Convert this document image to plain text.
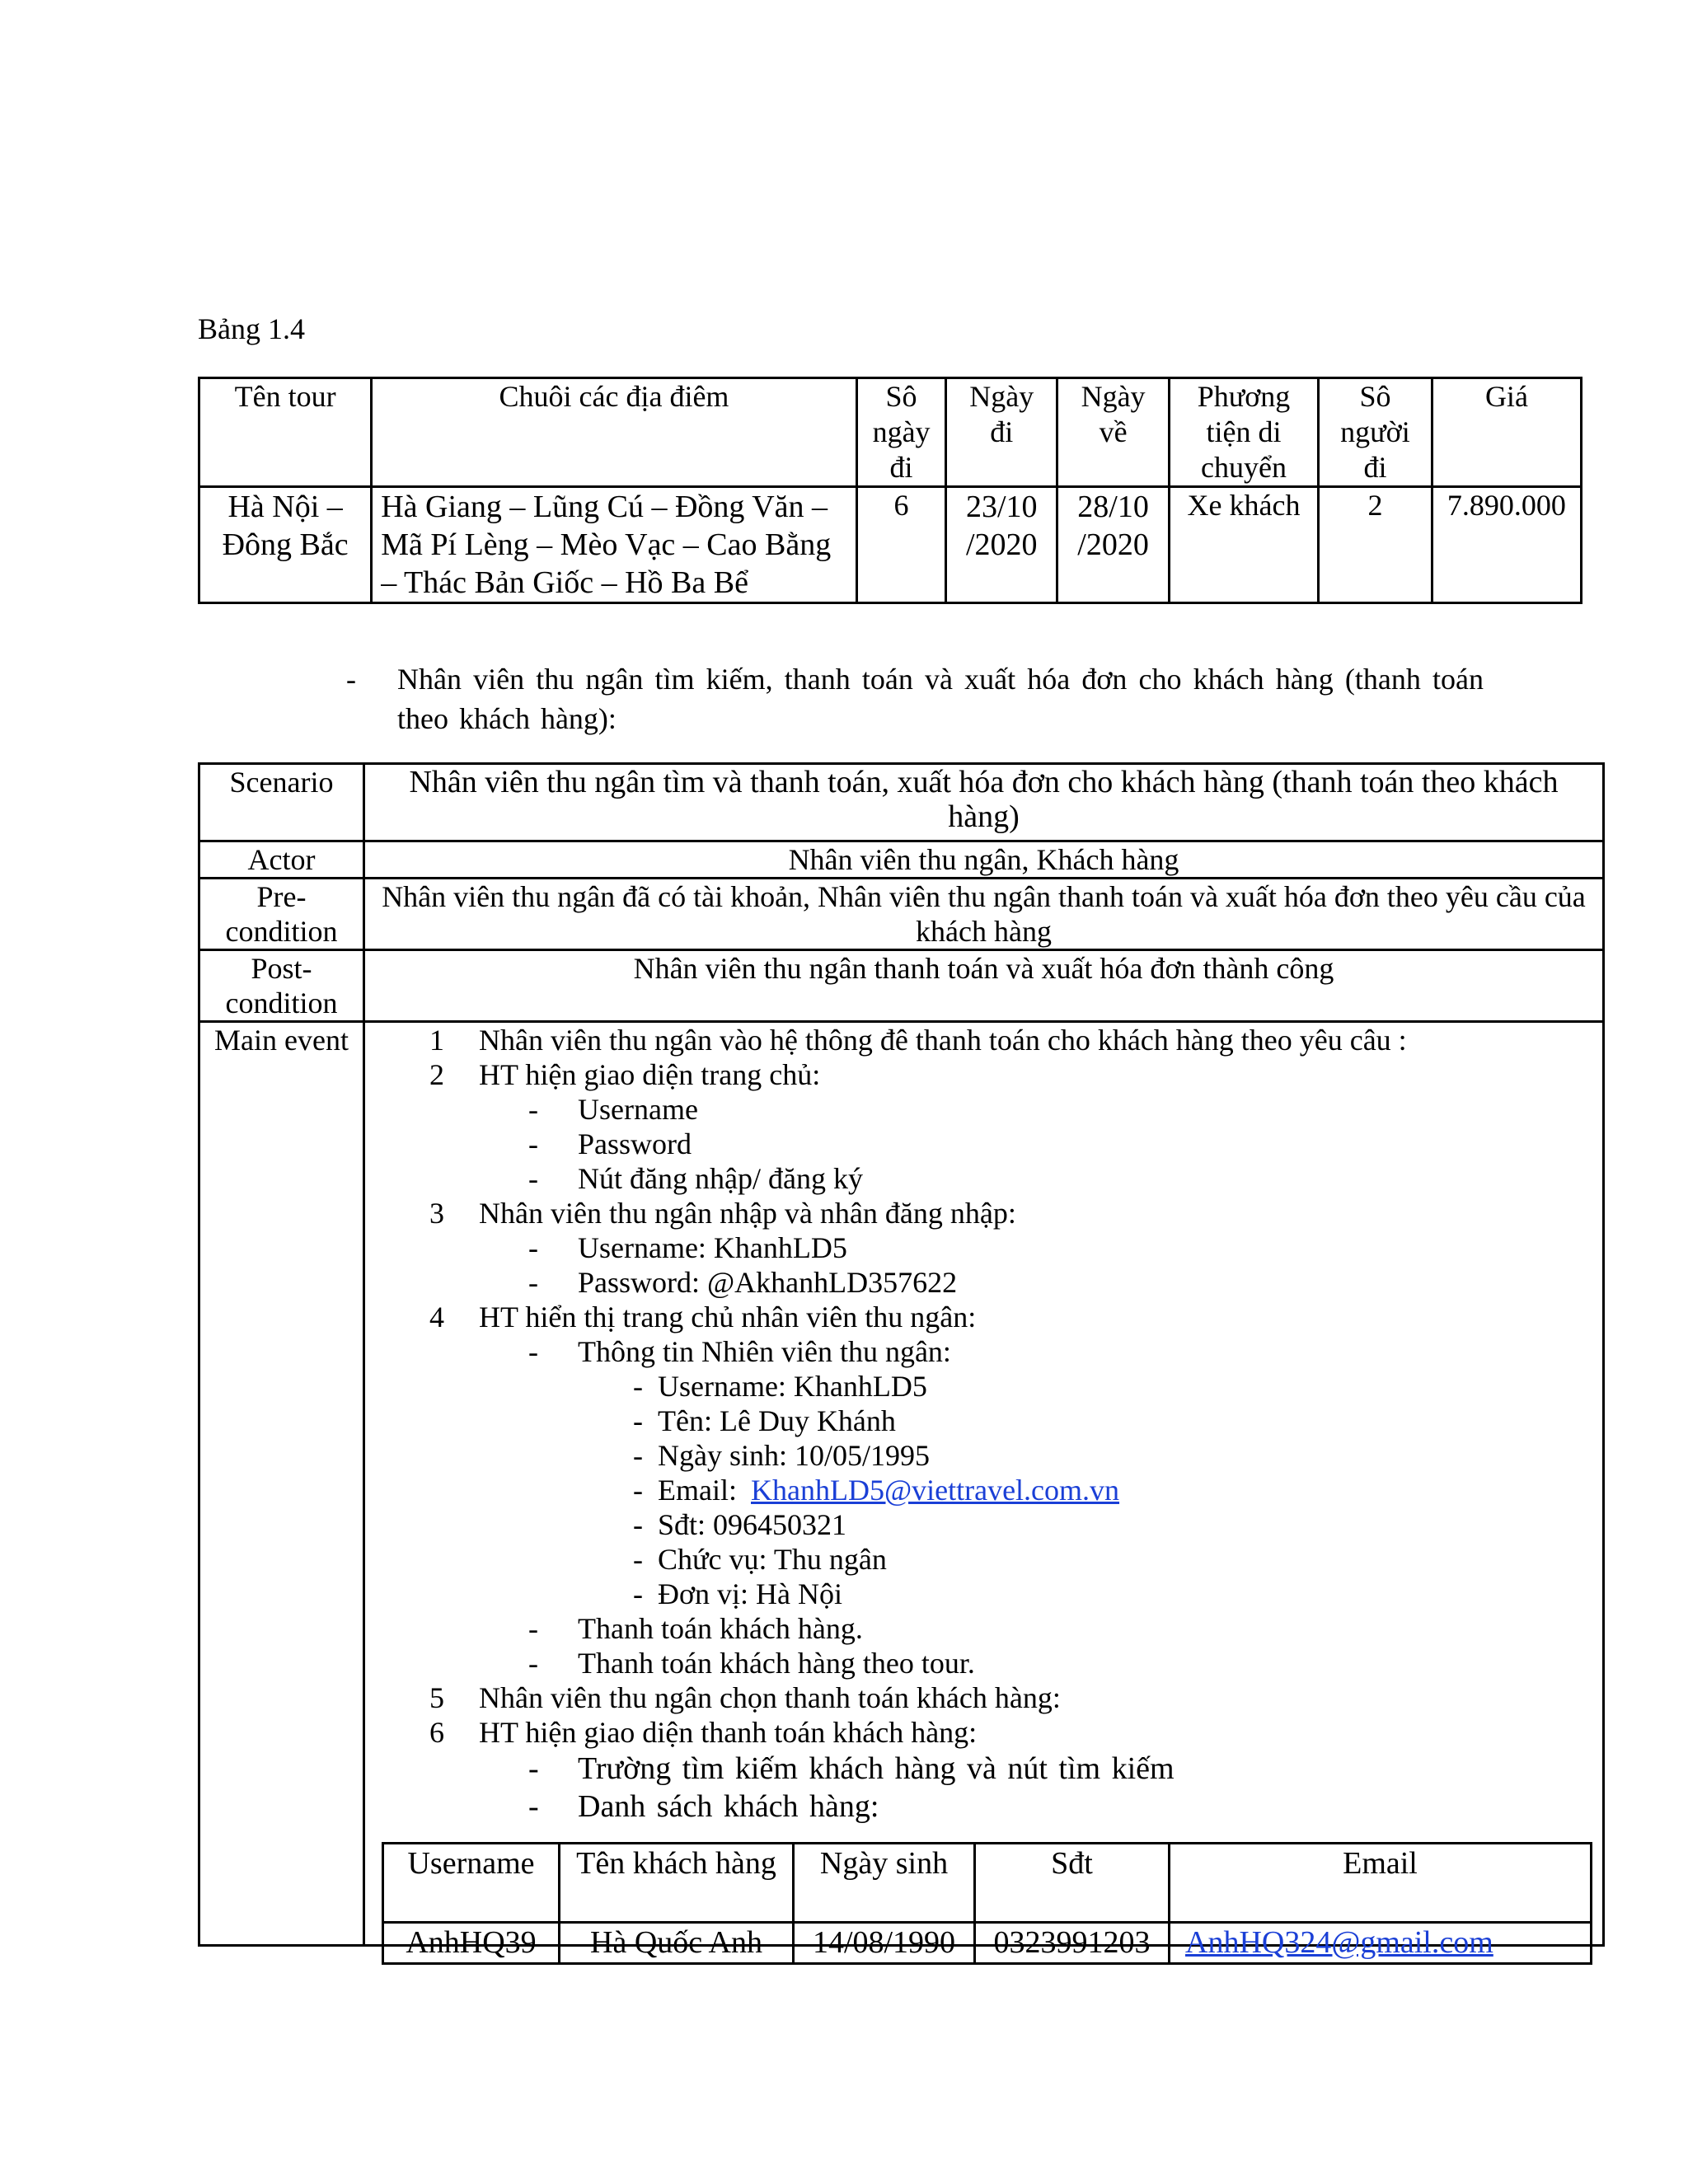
Bảng 1.4
Tên tour	Chuôi các địa điêm	Sô ngày đi	Ngày đi	Ngày về	Phương tiện di chuyển	Sô người đi	Giá
Hà Nội – Đông Bắc	Hà Giang – Lũng Cú – Đồng Văn – Mã Pí Lèng – Mèo Vạc – Cao Bằng – Thác Bản Giốc – Hồ Ba Bể	6	23/10 /2020	28/10 /2020	Xe khách	2	7.890.000
- Nhân viên thu ngân tìm kiếm, thanh toán và xuất hóa đơn cho khách hàng (thanh toán theo khách hàng):
Scenario	Nhân viên thu ngân tìm và thanh toán, xuất hóa đơn cho khách hàng (thanh toán theo khách hàng)
Actor	Nhân viên thu ngân, Khách hàng
Pre-condition	Nhân viên thu ngân đã có tài khoản, Nhân viên thu ngân thanh toán và xuất hóa đơn theo yêu cầu của khách hàng
Post-condition	Nhân viên thu ngân thanh toán và xuất hóa đơn thành công
Main event	1 Nhân viên thu ngân vào hệ thông đê thanh toán cho khách hàng theo yêu câu :
2 HT hiện giao diện trang chủ:
- Username
- Password
- Nút đăng nhập/ đăng ký
3 Nhân viên thu ngân nhập và nhân đăng nhập:
- Username: KhanhLD5
- Password: @AkhanhLD357622
4 HT hiển thị trang chủ nhân viên thu ngân:
- Thông tin Nhiên viên thu ngân:
- Username: KhanhLD5
- Tên: Lê Duy Khánh
- Ngày sinh: 10/05/1995
- Email: KhanhLD5@viettravel.com.vn
- Sđt: 096450321
- Chức vụ: Thu ngân
- Đơn vị: Hà Nội
- Thanh toán khách hàng.
- Thanh toán khách hàng theo tour.
5 Nhân viên thu ngân chọn thanh toán khách hàng:
6 HT hiện giao diện thanh toán khách hàng:
- Trường tìm kiếm khách hàng và nút tìm kiếm
- Danh sách khách hàng:
Username	Tên khách hàng	Ngày sinh	Sđt	Email
AnhHQ39	Hà Quốc Anh	14/08/1990	0323991203	AnhHQ324@gmail.com
